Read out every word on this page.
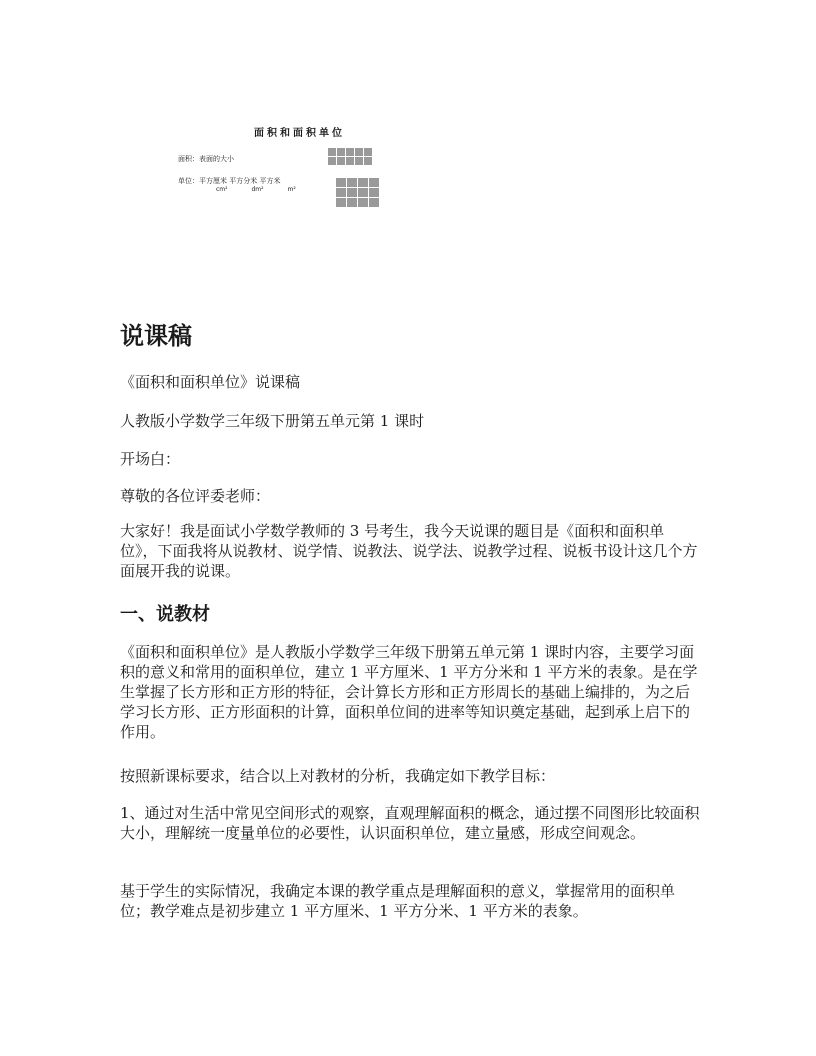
面积和面积单位
面积：表面的大小
单位：平方厘米 平方分米 平方米
cm²	dm²	m²
说课稿

《面积和面积单位》说课稿

人教版小学数学三年级下册第五单元第 1 课时

开场白：

尊敬的各位评委老师：

大家好！我是面试小学数学教师的 3 号考生，我今天说课的题目是《面积和面积单位》，下面我将从说教材、说学情、说教法、说学法、说教学过程、说板书设计这几个方面展开我的说课。

一、说教材

《面积和面积单位》是人教版小学数学三年级下册第五单元第 1 课时内容，主要学习面积的意义和常用的面积单位，建立 1 平方厘米、1 平方分米和 1 平方米的表象。是在学生掌握了长方形和正方形的特征，会计算长方形和正方形周长的基础上编排的，为之后学习长方形、正方形面积的计算，面积单位间的进率等知识奠定基础，起到承上启下的作用。

按照新课标要求，结合以上对教材的分析，我确定如下教学目标：

1、通过对生活中常见空间形式的观察，直观理解面积的概念，通过摆不同图形比较面积大小，理解统一度量单位的必要性，认识面积单位，建立量感，形成空间观念。

基于学生的实际情况，我确定本课的教学重点是理解面积的意义，掌握常用的面积单位；教学难点是初步建立 1 平方厘米、1 平方分米、1 平方米的表象。
